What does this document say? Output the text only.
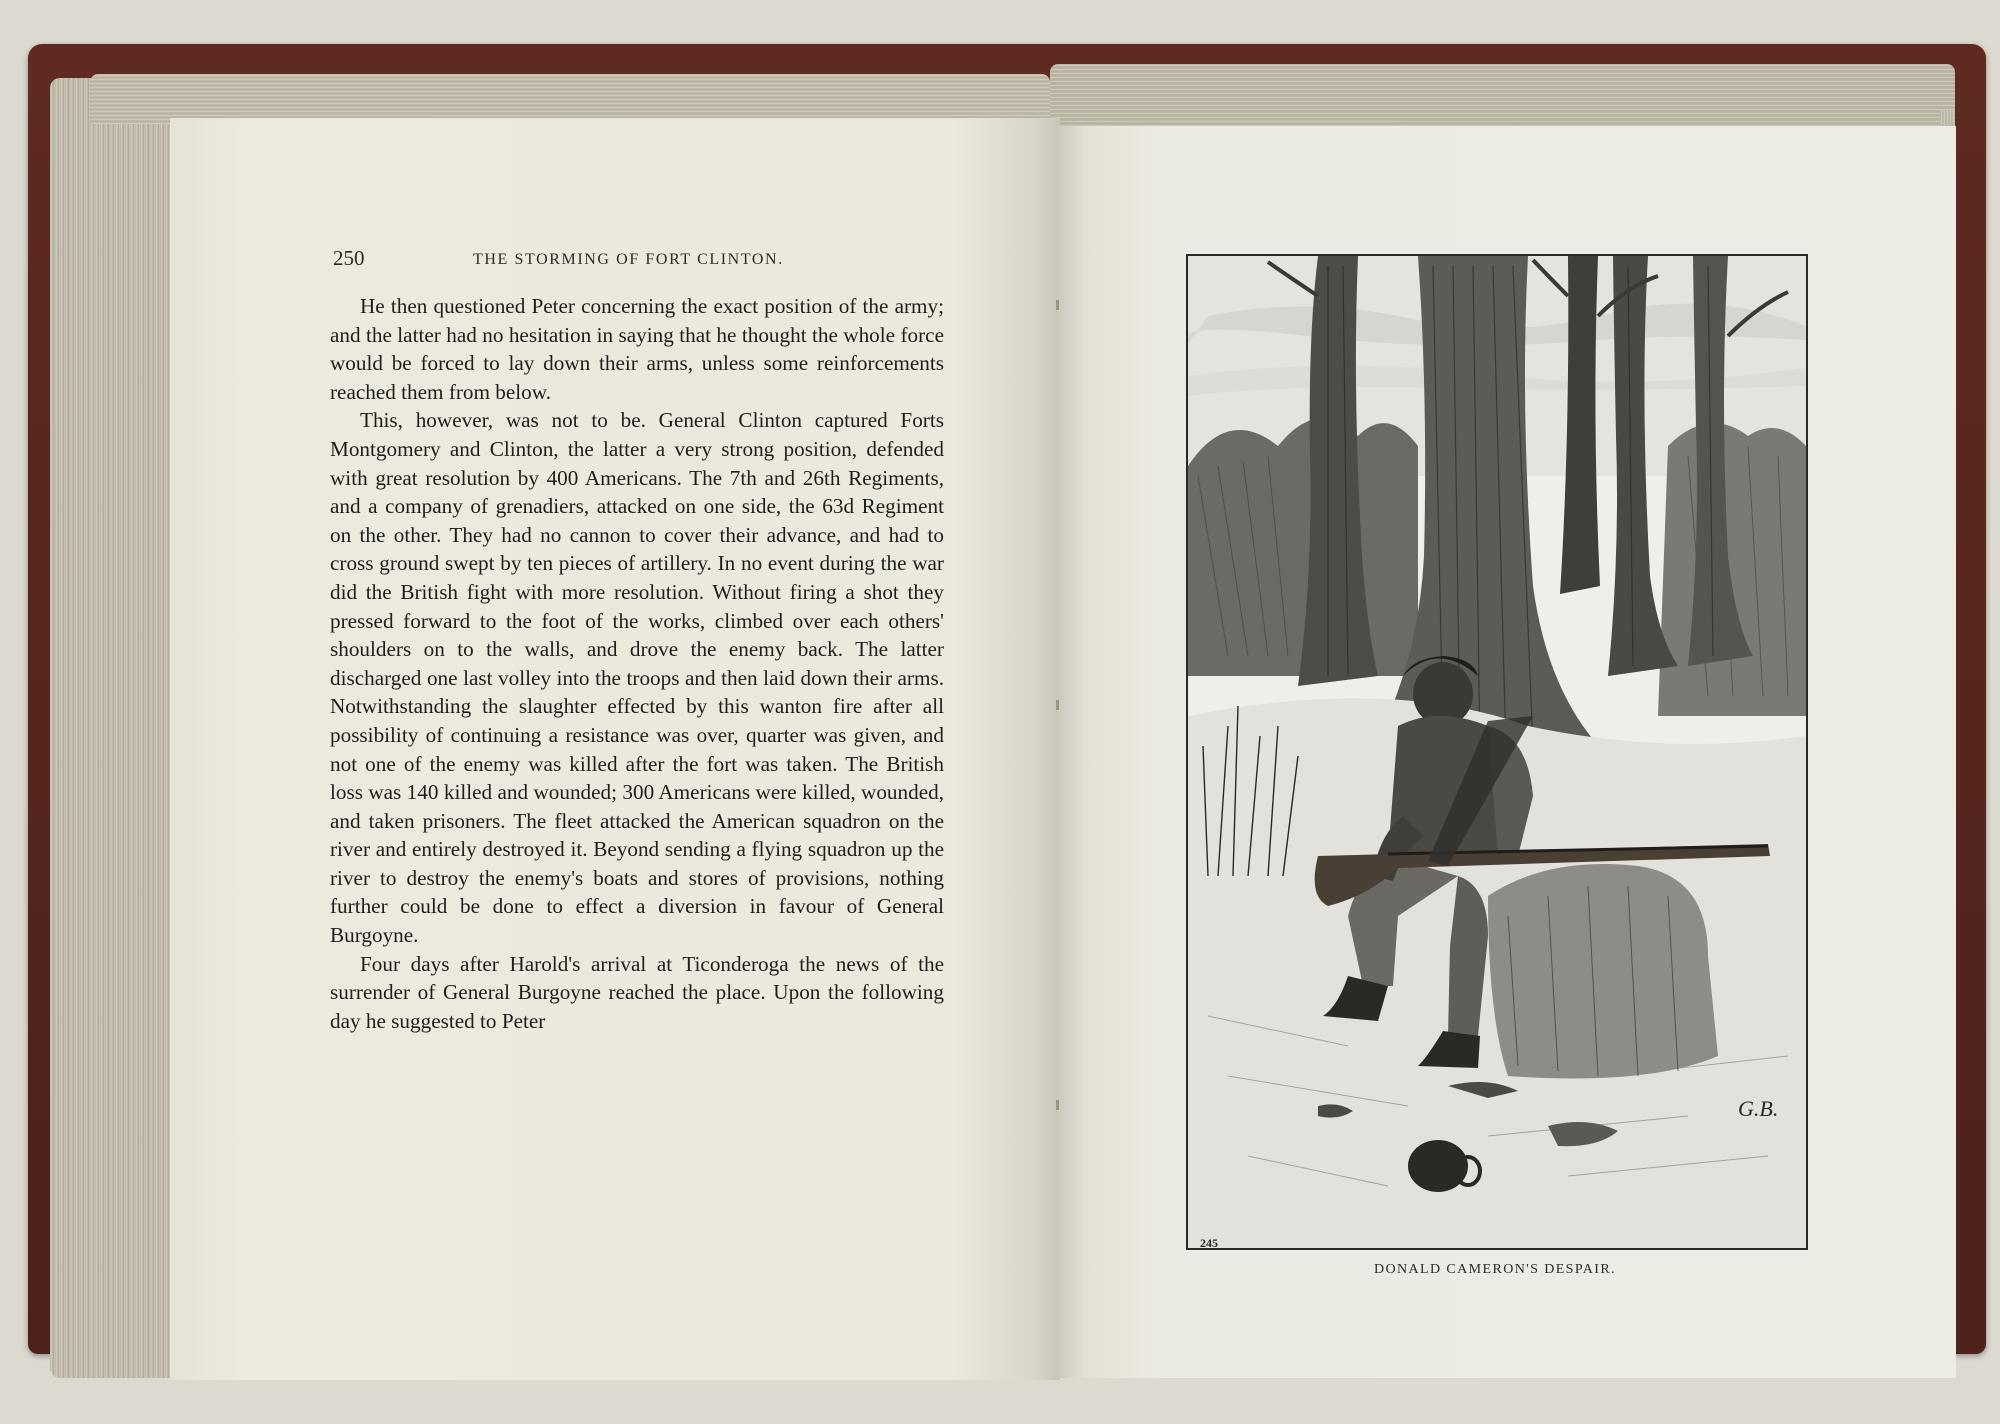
250	THE STORMING OF FORT CLINTON.

He then questioned Peter concerning the exact position of the army; and the latter had no hesitation in saying that he thought the whole force would be forced to lay down their arms, unless some reinforcements reached them from below.

This, however, was not to be. General Clinton captured Forts Montgomery and Clinton, the latter a very strong position, defended with great resolution by 400 Americans. The 7th and 26th Regiments, and a company of grenadiers, attacked on one side, the 63d Regiment on the other. They had no cannon to cover their advance, and had to cross ground swept by ten pieces of artillery. In no event during the war did the British fight with more resolution. Without firing a shot they pressed forward to the foot of the works, climbed over each others' shoulders on to the walls, and drove the enemy back. The latter discharged one last volley into the troops and then laid down their arms. Notwithstanding the slaughter effected by this wanton fire after all possibility of continuing a resistance was over, quarter was given, and not one of the enemy was killed after the fort was taken. The British loss was 140 killed and wounded; 300 Americans were killed, wounded, and taken prisoners. The fleet attacked the American squadron on the river and entirely destroyed it. Beyond sending a flying squadron up the river to destroy the enemy's boats and stores of provisions, nothing further could be done to effect a diversion in favour of General Burgoyne.

Four days after Harold's arrival at Ticonderoga the news of the surrender of General Burgoyne reached the place. Upon the following day he suggested to Peter

G.B.
245
DONALD CAMERON'S DESPAIR.
